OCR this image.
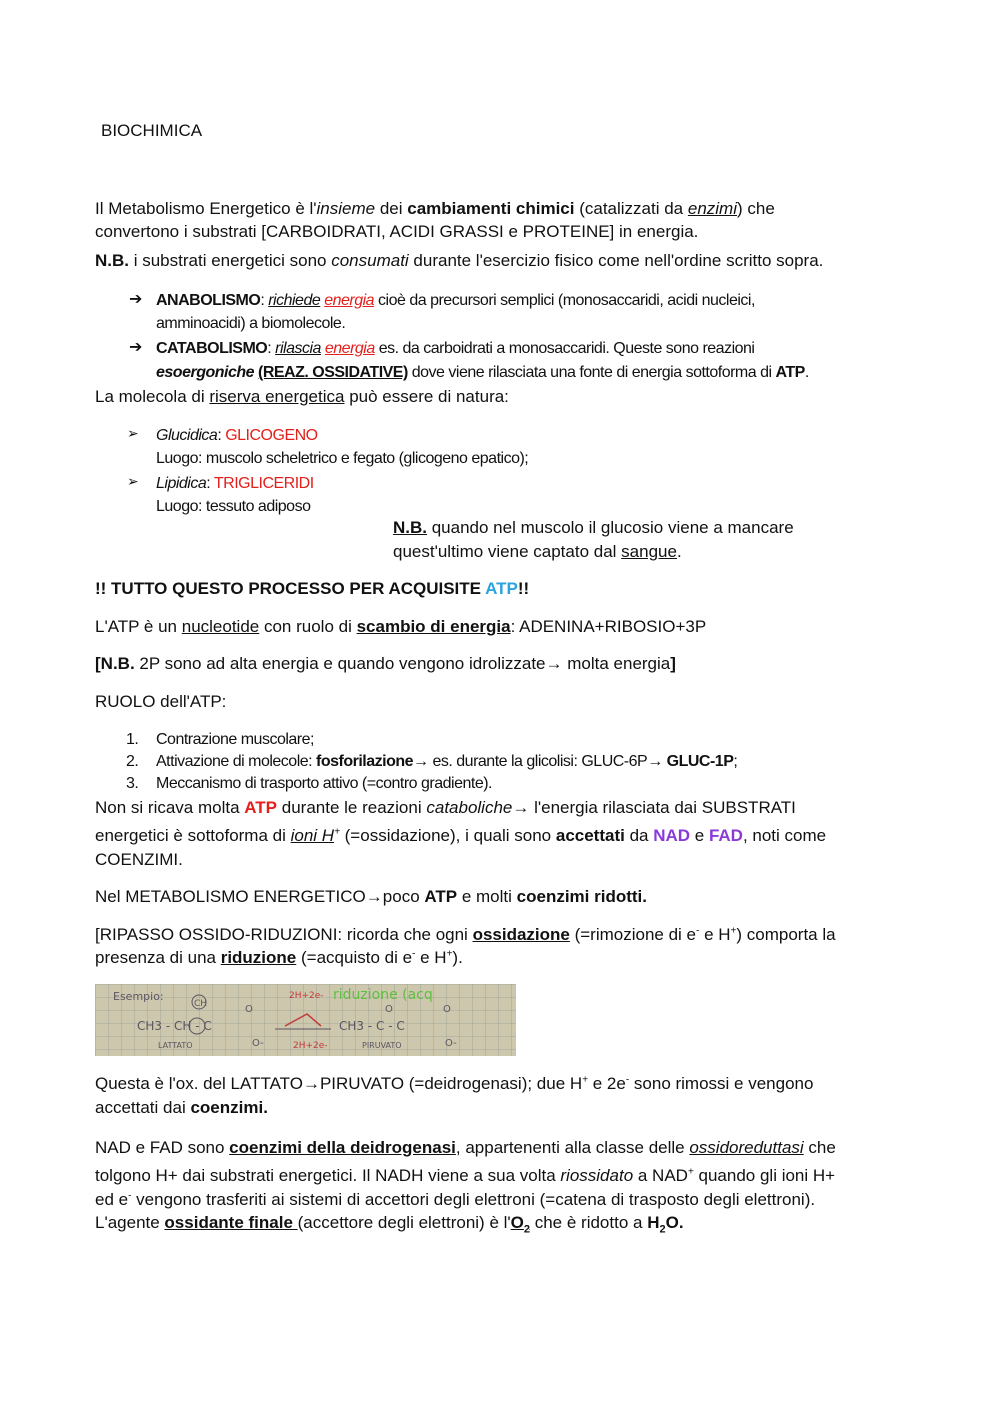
BIOCHIMICA
Il Metabolismo Energetico è l'insieme dei cambiamenti chimici (catalizzati da enzimi) che
convertono i substrati [CARBOIDRATI, ACIDI GRASSI e PROTEINE] in energia.
N.B. i substrati energetici sono consumati durante l'esercizio fisico come nell'ordine scritto sopra.
➔ ANABOLISMO: richiede energia cioè da precursori semplici (monosaccaridi, acidi nucleici,
amminoacidi) a biomolecole.
➔ CATABOLISMO: rilascia energia es. da carboidrati a monosaccaridi. Queste sono reazioni
esoergoniche (REAZ. OSSIDATIVE) dove viene rilasciata una fonte di energia sottoforma di ATP.
La molecola di riserva energetica può essere di natura:
➢ Glucidica: GLICOGENO
Luogo: muscolo scheletrico e fegato (glicogeno epatico);
➢ Lipidica: TRIGLICERIDI
Luogo: tessuto adiposo
N.B. quando nel muscolo il glucosio viene a mancare
quest'ultimo viene captato dal sangue.
!! TUTTO QUESTO PROCESSO PER ACQUISITE ATP!!
L'ATP è un nucleotide con ruolo di scambio di energia: ADENINA+RIBOSIO+3P
[N.B. 2P sono ad alta energia e quando vengono idrolizzate→ molta energia]
RUOLO dell'ATP:
1. Contrazione muscolare;
2. Attivazione di molecole: fosforilazione→ es. durante la glicolisi: GLUC-6P→ GLUC-1P;
3. Meccanismo di trasporto attivo (=contro gradiente).
Non si ricava molta ATP durante le reazioni cataboliche→ l'energia rilasciata dai SUBSTRATI
energetici è sottoforma di ioni H+ (=ossidazione), i quali sono accettati da NAD e FAD, noti come
COENZIMI.
Nel METABOLISMO ENERGETICO→poco ATP e molti coenzimi ridotti.
[RIPASSO OSSIDO-RIDUZIONI: ricorda che ogni ossidazione (=rimozione di e- e H+) comporta la
presenza di una riduzione (=acquisto di e- e H+).
Esempio:
CH
2H+2e- riduzione (acq
CH3 - CH - C	CH3 - C - C
LATTATO	2H+2e-	PIRUVATO
O
O-	O-
O	O
Questa è l'ox. del LATTATO→PIRUVATO (=deidrogenasi); due H+ e 2e- sono rimossi e vengono
accettati dai coenzimi.
NAD e FAD sono coenzimi della deidrogenasi, appartenenti alla classe delle ossidoreduttasi che
tolgono H+ dai substrati energetici. Il NADH viene a sua volta riossidato a NAD+ quando gli ioni H+
ed e- vengono trasferiti ai sistemi di accettori degli elettroni (=catena di trasposto degli elettroni).
L'agente ossidante finale (accettore degli elettroni) è $l'O_2$ che è ridotto a $H_2O$.
